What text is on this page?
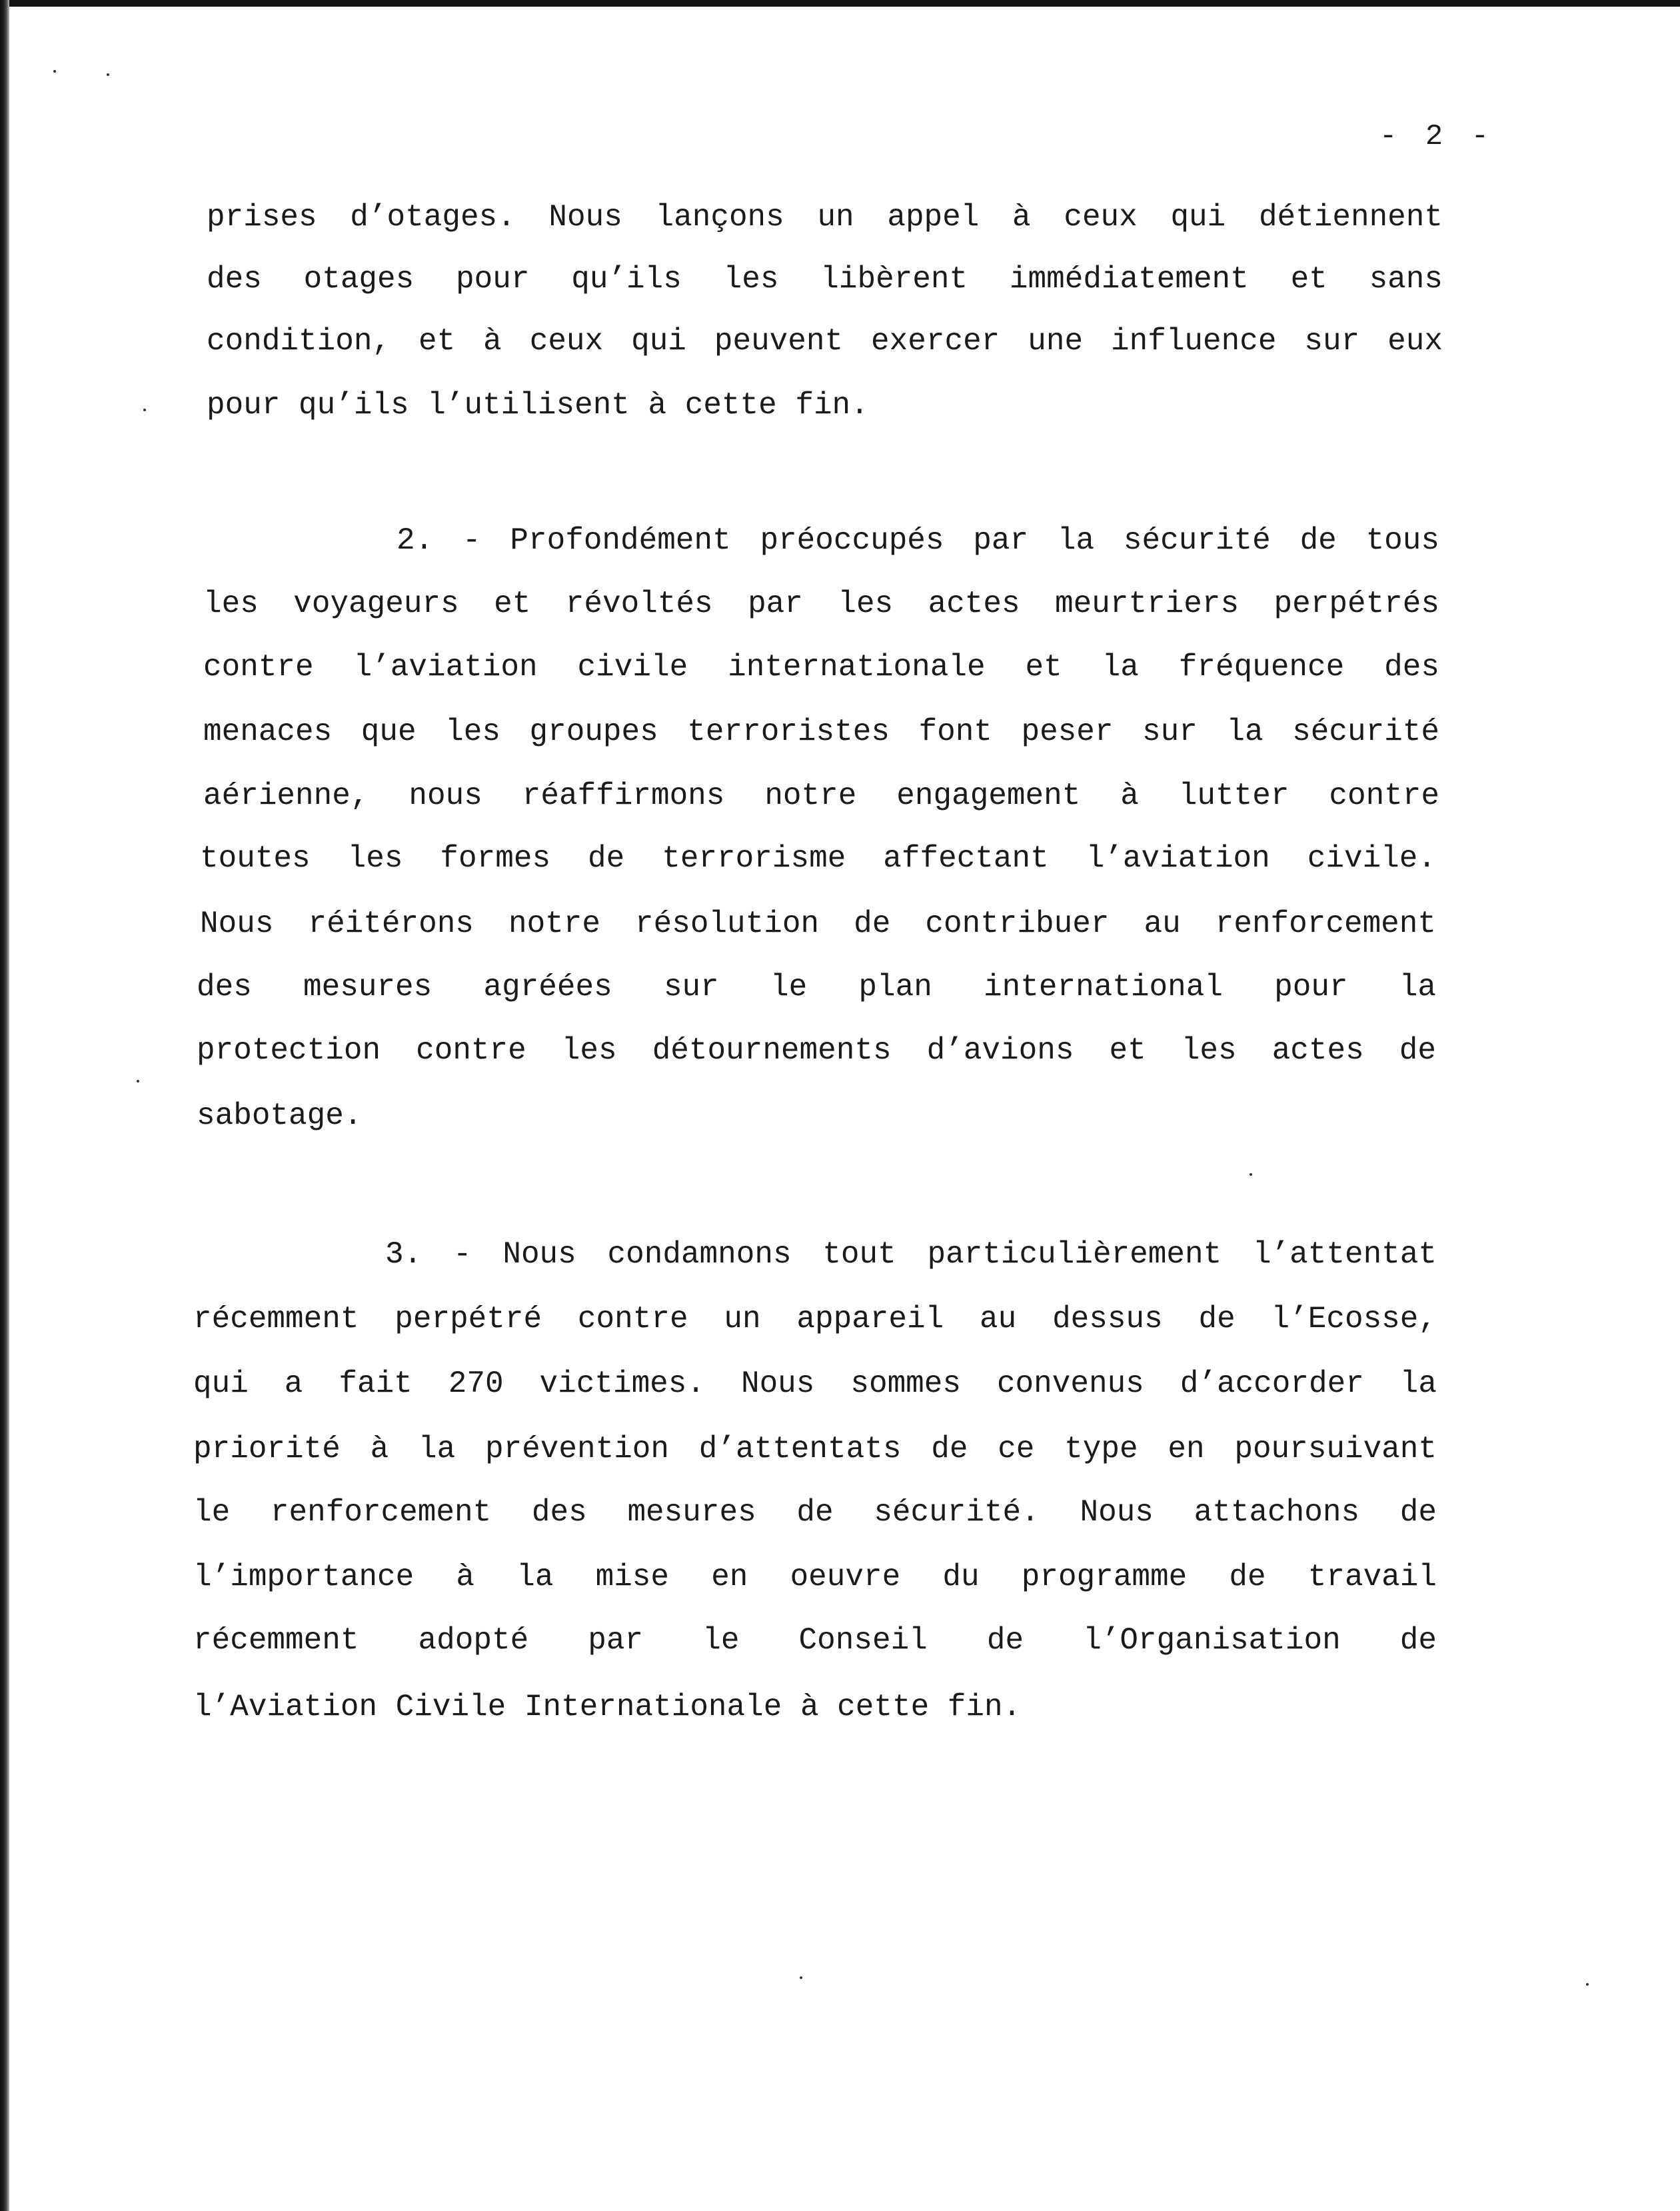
- 2 -
prises d’otages. Nous lançons un appel à ceux qui détiennent
des otages pour qu’ils les libèrent immédiatement et sans
condition, et à ceux qui peuvent exercer une influence sur eux
pour qu’ils l’utilisent à cette fin.
2. - Profondément préoccupés par la sécurité de tous
les voyageurs et révoltés par les actes meurtriers perpétrés
contre l’aviation civile internationale et la fréquence des
menaces que les groupes terroristes font peser sur la sécurité
aérienne, nous réaffirmons notre engagement à lutter contre
toutes les formes de terrorisme affectant l’aviation civile.
Nous réitérons notre résolution de contribuer au renforcement
des mesures agréées sur le plan international pour la
protection contre les détournements d’avions et les actes de
sabotage.
3. - Nous condamnons tout particulièrement l’attentat
récemment perpétré contre un appareil au dessus de l’Ecosse,
qui a fait 270 victimes. Nous sommes convenus d’accorder la
priorité à la prévention d’attentats de ce type en poursuivant
le renforcement des mesures de sécurité. Nous attachons de
l’importance à la mise en oeuvre du programme de travail
récemment adopté par le Conseil de l’Organisation de
l’Aviation Civile Internationale à cette fin.
